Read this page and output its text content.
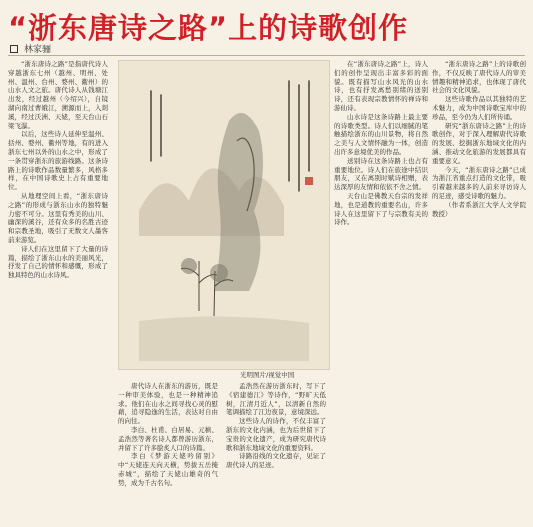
“浙东唐诗之路”上的诗歌创作
林家骊

“浙东唐诗之路”是指唐代诗人穿越浙东七州（越州、明州、处州、温州、台州、婺州、衢州）的山水人文之旅。唐代诗人从钱塘江出发，经过越州（今绍兴），自镜湖向南过曹娥江，溯源而上，入剡溪，经过沃洲、天姥，至天台山石梁飞瀑。

以后，这些诗人延伸至温州、括州、婺州、衢州等地，有的进入浙东七州以外的山水之中，形成了一条贯穿浙东的旅游线路。这条诗路上的诗歌作品数量繁多，风格多样，在中国诗歌史上占有重要地位。

从地理空间上看，“浙东唐诗之路”的形成与浙东山水的独特魅力密不可分。这里有秀美的山川、幽深的溪谷，还有众多的名胜古迹和宗教圣地，吸引了无数文人墨客前来游览。

诗人们在这里留下了大量的诗篇，描绘了浙东山水的美丽风光，抒发了自己的情怀和感慨，形成了独具特色的山水诗风。

光明图片/视觉中国

唐代诗人在浙东的游历，既是一种审美体验，也是一种精神追求。他们在山水之间寻找心灵的慰藉，追寻隐逸的生活，表达对自由的向往。

李白、杜甫、白居易、元稹、孟浩然等著名诗人都曾游历浙东，并留下了许多脍炙人口的诗篇。

李白《梦游天姥吟留别》中“天姥连天向天横，势拔五岳掩赤城”，描绘了天姥山雄奇的气势，成为千古名句。

孟浩然在游历浙东时，写下了《宿建德江》等诗作，“野旷天低树，江清月近人”，以清新自然的笔调描绘了江边夜景，意境深远。

这些诗人的诗作，不仅丰富了浙东的文化内涵，也为后世留下了宝贵的文化遗产，成为研究唐代诗歌和浙东地域文化的重要资料。

诗路沿线的文化遗存，见证了唐代诗人的足迹。

在“浙东唐诗之路”上，诗人们的创作呈现出丰富多彩的面貌。既有描写山水风光的山水诗，也有抒发离愁别绪的送别诗，还有表现宗教情怀的禅诗和游仙诗。

山水诗是这条诗路上最主要的诗歌类型。诗人们以细腻的笔触描绘浙东的山川景物，将自然之美与人文情怀融为一体，创造出许多意境优美的作品。

送别诗在这条诗路上也占有重要地位。诗人们在旅途中结识朋友，又在离别时赋诗相赠，表达深厚的友情和依依不舍之情。

天台山是佛教天台宗的发祥地，也是道教的重要名山，许多诗人在这里留下了与宗教有关的诗作。

“浙东唐诗之路”上的诗歌创作，不仅反映了唐代诗人的审美情趣和精神追求，也体现了唐代社会的文化风貌。

这些诗歌作品以其独特的艺术魅力，成为中国诗歌宝库中的珍品，至今仍为人们所传诵。

研究“浙东唐诗之路”上的诗歌创作，对于深入理解唐代诗歌的发展、挖掘浙东地域文化的内涵、推动文化旅游的发展都具有重要意义。

今天，“浙东唐诗之路”已成为浙江省重点打造的文化带，吸引着越来越多的人前来寻访诗人的足迹，感受诗歌的魅力。

（作者系浙江大学人文学院教授）
